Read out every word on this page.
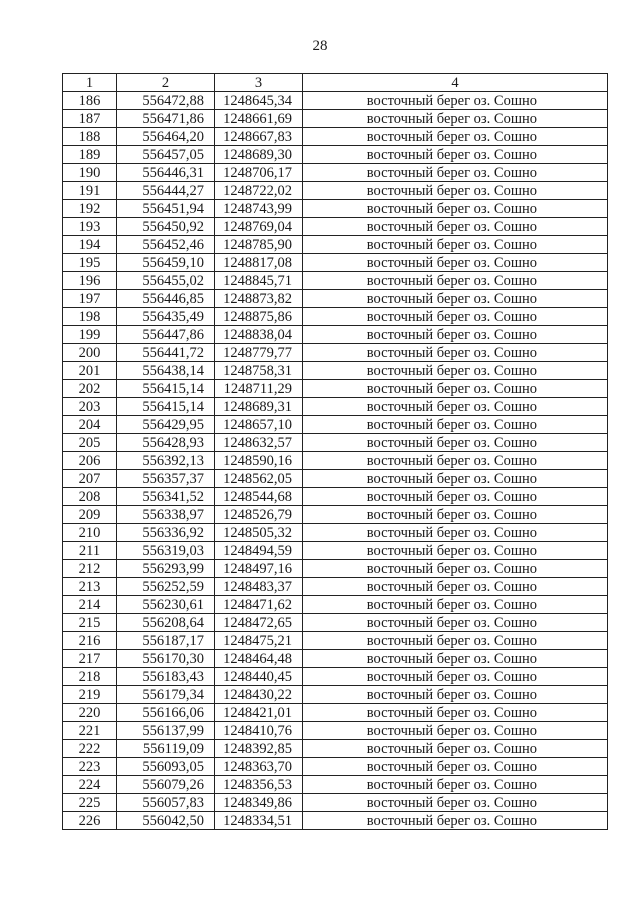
28
1	2	3	4
186	556472,88	1248645,34	восточный берег оз. Сошно
187	556471,86	1248661,69	восточный берег оз. Сошно
188	556464,20	1248667,83	восточный берег оз. Сошно
189	556457,05	1248689,30	восточный берег оз. Сошно
190	556446,31	1248706,17	восточный берег оз. Сошно
191	556444,27	1248722,02	восточный берег оз. Сошно
192	556451,94	1248743,99	восточный берег оз. Сошно
193	556450,92	1248769,04	восточный берег оз. Сошно
194	556452,46	1248785,90	восточный берег оз. Сошно
195	556459,10	1248817,08	восточный берег оз. Сошно
196	556455,02	1248845,71	восточный берег оз. Сошно
197	556446,85	1248873,82	восточный берег оз. Сошно
198	556435,49	1248875,86	восточный берег оз. Сошно
199	556447,86	1248838,04	восточный берег оз. Сошно
200	556441,72	1248779,77	восточный берег оз. Сошно
201	556438,14	1248758,31	восточный берег оз. Сошно
202	556415,14	1248711,29	восточный берег оз. Сошно
203	556415,14	1248689,31	восточный берег оз. Сошно
204	556429,95	1248657,10	восточный берег оз. Сошно
205	556428,93	1248632,57	восточный берег оз. Сошно
206	556392,13	1248590,16	восточный берег оз. Сошно
207	556357,37	1248562,05	восточный берег оз. Сошно
208	556341,52	1248544,68	восточный берег оз. Сошно
209	556338,97	1248526,79	восточный берег оз. Сошно
210	556336,92	1248505,32	восточный берег оз. Сошно
211	556319,03	1248494,59	восточный берег оз. Сошно
212	556293,99	1248497,16	восточный берег оз. Сошно
213	556252,59	1248483,37	восточный берег оз. Сошно
214	556230,61	1248471,62	восточный берег оз. Сошно
215	556208,64	1248472,65	восточный берег оз. Сошно
216	556187,17	1248475,21	восточный берег оз. Сошно
217	556170,30	1248464,48	восточный берег оз. Сошно
218	556183,43	1248440,45	восточный берег оз. Сошно
219	556179,34	1248430,22	восточный берег оз. Сошно
220	556166,06	1248421,01	восточный берег оз. Сошно
221	556137,99	1248410,76	восточный берег оз. Сошно
222	556119,09	1248392,85	восточный берег оз. Сошно
223	556093,05	1248363,70	восточный берег оз. Сошно
224	556079,26	1248356,53	восточный берег оз. Сошно
225	556057,83	1248349,86	восточный берег оз. Сошно
226	556042,50	1248334,51	восточный берег оз. Сошно
